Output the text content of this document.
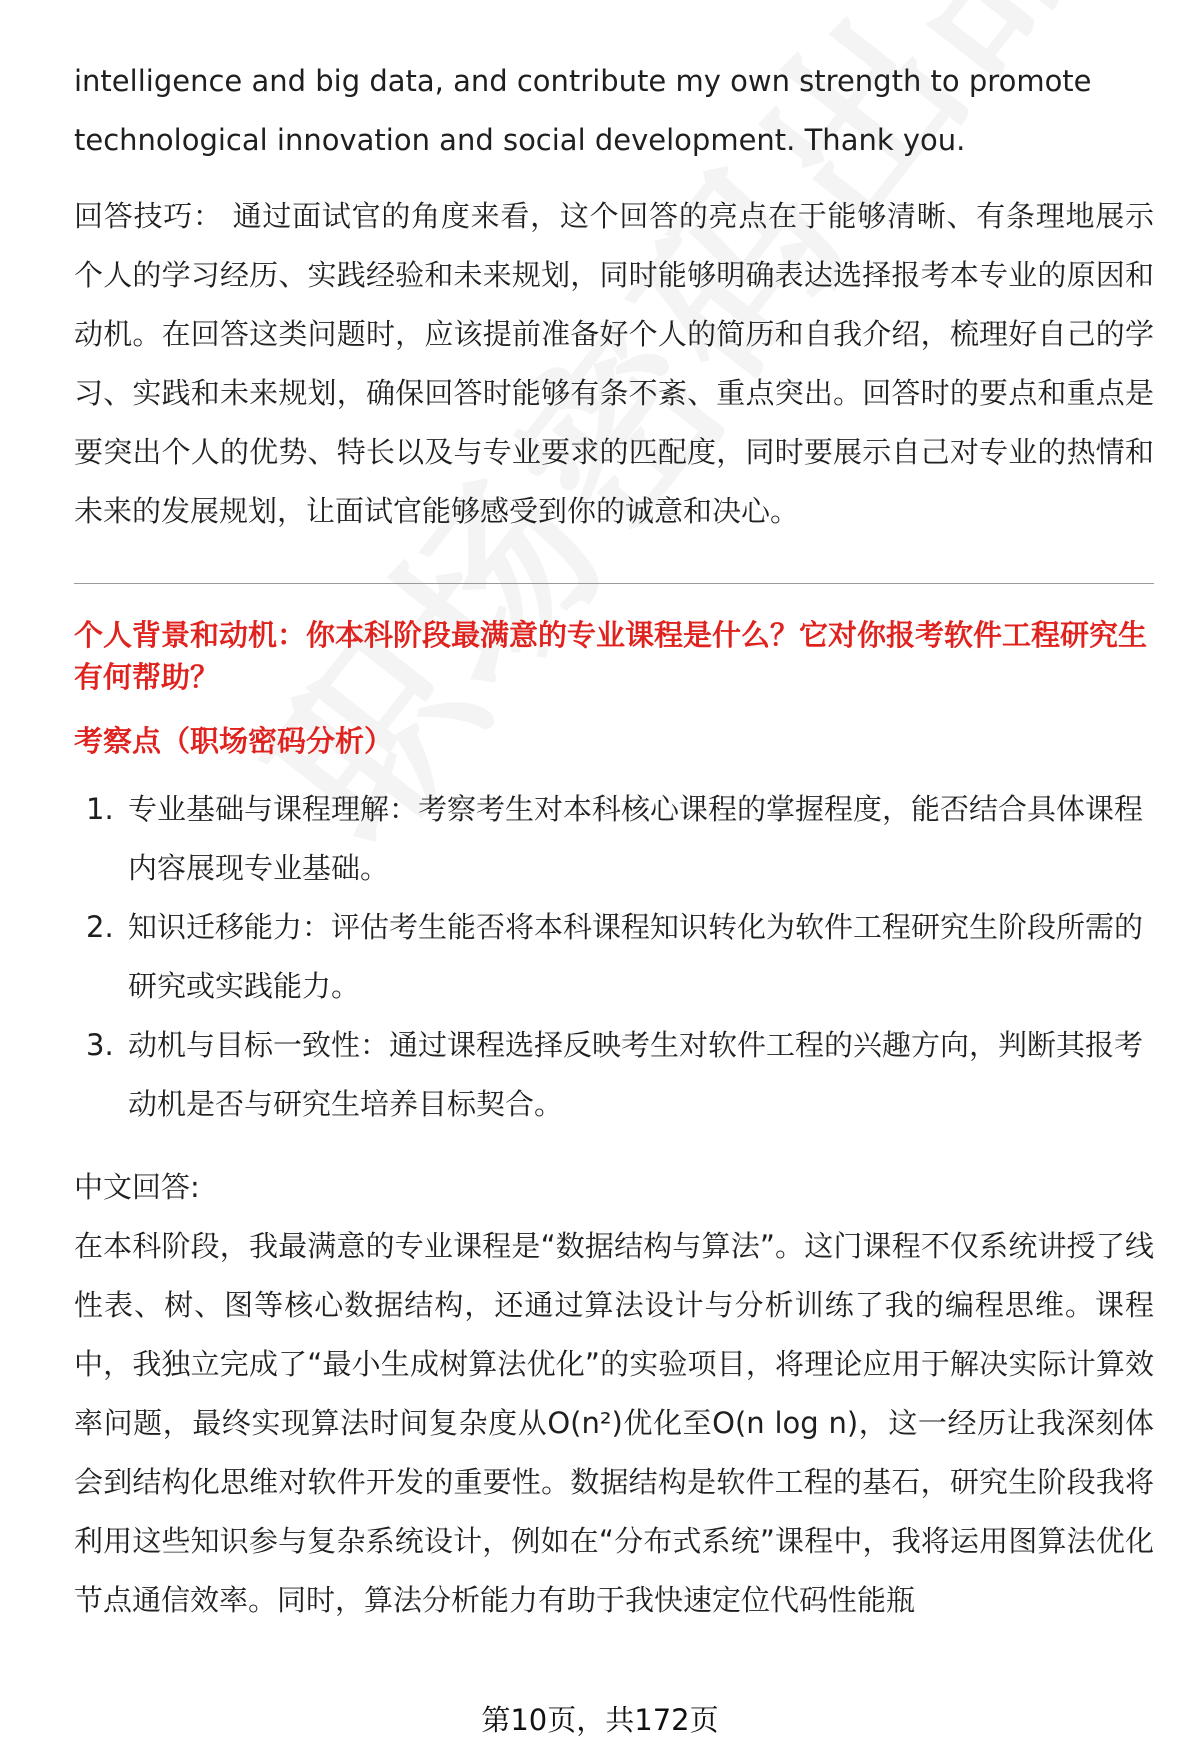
intelligence and big data, and contribute my own strength to promote technological innovation and social development. Thank you.

回答技巧： 通过面试官的角度来看，这个回答的亮点在于能够清晰、有条理地展示个人的学习经历、实践经验和未来规划，同时能够明确表达选择报考本专业的原因和动机。在回答这类问题时，应该提前准备好个人的简历和自我介绍，梳理好自己的学习、实践和未来规划，确保回答时能够有条不紊、重点突出。回答时的要点和重点是要突出个人的优势、特长以及与专业要求的匹配度，同时要展示自己对专业的热情和未来的发展规划，让面试官能够感受到你的诚意和决心。

个人背景和动机：你本科阶段最满意的专业课程是什么？它对你报考软件工程研究生有何帮助？
考察点（职场密码分析）
1. 专业基础与课程理解：考察考生对本科核心课程的掌握程度，能否结合具体课程内容展现专业基础。
2. 知识迁移能力：评估考生能否将本科课程知识转化为软件工程研究生阶段所需的研究或实践能力。
3. 动机与目标一致性：通过课程选择反映考生对软件工程的兴趣方向，判断其报考动机是否与研究生培养目标契合。

中文回答:

在本科阶段，我最满意的专业课程是“数据结构与算法”。这门课程不仅系统讲授了线性表、树、图等核心数据结构，还通过算法设计与分析训练了我的编程思维。课程中，我独立完成了“最小生成树算法优化”的实验项目，将理论应用于解决实际计算效率问题，最终实现算法时间复杂度从O(n²)优化至O(n log n)，这一经历让我深刻体会到结构化思维对软件开发的重要性。数据结构是软件工程的基石，研究生阶段我将利用这些知识参与复杂系统设计，例如在“分布式系统”课程中，我将运用图算法优化节点通信效率。同时，算法分析能力有助于我快速定位代码性能瓶

第10页，共172页
